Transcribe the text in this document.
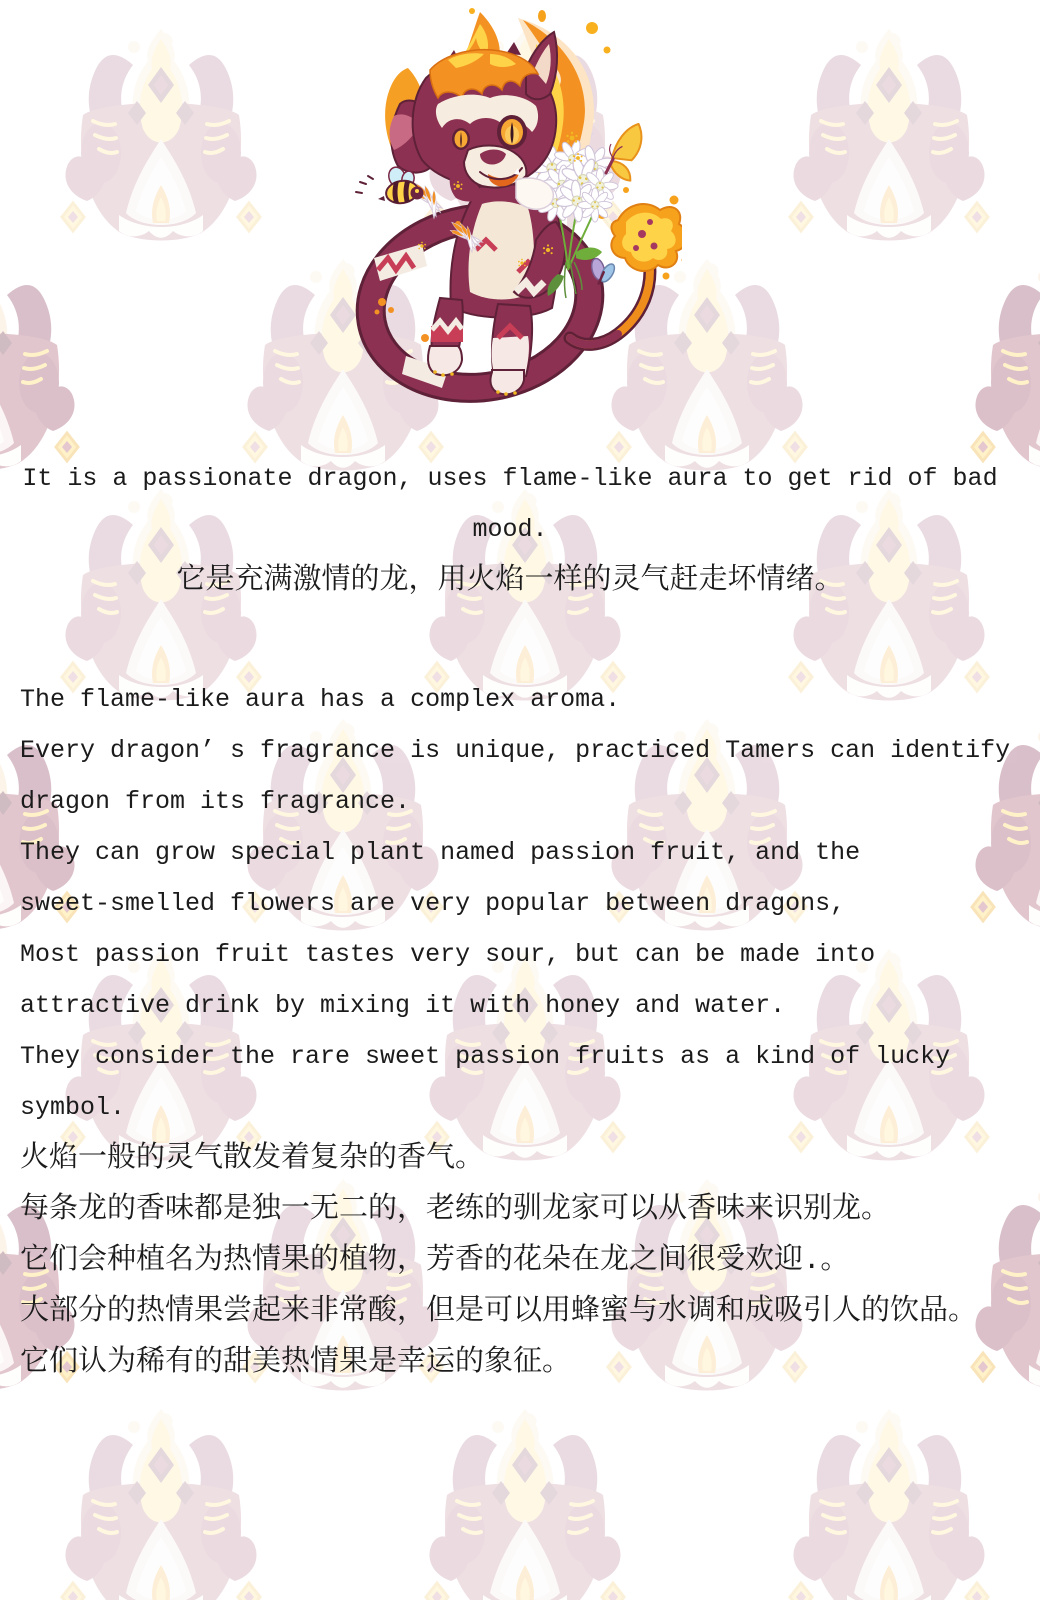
It is a passionate dragon, uses flame-like aura to get rid of bad
mood.
它是充满激情的龙，用火焰一样的灵气赶走坏情绪。
The flame-like aura has a complex aroma.
Every dragon’ s fragrance is unique, practiced Tamers can identify
dragon from its fragrance.
They can grow special plant named passion fruit, and the
sweet-smelled flowers are very popular between dragons,
Most passion fruit tastes very sour, but can be made into
attractive drink by mixing it with honey and water.
They consider the rare sweet passion fruits as a kind of lucky
symbol.
火焰一般的灵气散发着复杂的香气。
每条龙的香味都是独一无二的，老练的驯龙家可以从香味来识别龙。
它们会种植名为热情果的植物，芳香的花朵在龙之间很受欢迎.。
大部分的热情果尝起来非常酸，但是可以用蜂蜜与水调和成吸引人的饮品。
它们认为稀有的甜美热情果是幸运的象征。
